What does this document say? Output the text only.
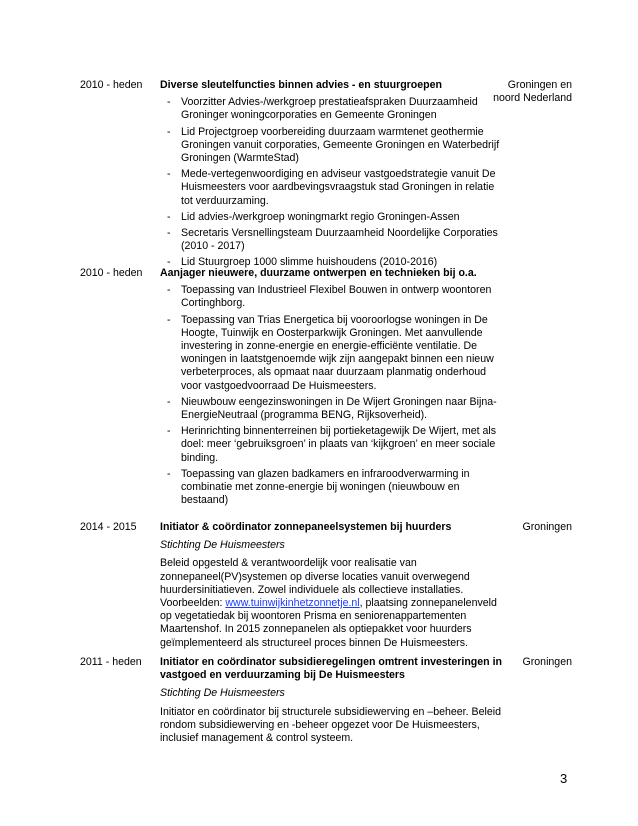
2010 - heden Diverse sleutelfuncties binnen advies - en stuurgroepen
- Voorzitter Advies-/werkgroep prestatieafspraken Duurzaamheid Groninger woningcorporaties en Gemeente Groningen
- Lid Projectgroep voorbereiding duurzaam warmtenet geothermie Groningen vanuit corporaties, Gemeente Groningen en Waterbedrijf Groningen (WarmteStad)
- Mede-vertegenwoordiging en adviseur vastgoedstrategie vanuit De Huismeesters voor aardbevingsvraagstuk stad Groningen in relatie tot verduurzaming.
- Lid advies-/werkgroep woningmarkt regio Groningen-Assen
- Secretaris Versnellingsteam Duurzaamheid Noordelijke Corporaties (2010 - 2017)
- Lid Stuurgroep 1000 slimme huishoudens (2010-2016)
Groningen en noord Nederland
2010 - heden Aanjager nieuwere, duurzame ontwerpen en technieken bij o.a.
- Toepassing van Industrieel Flexibel Bouwen in ontwerp woontoren Cortinghborg.
- Toepassing van Trias Energetica bij vooroorlogse woningen in De Hoogte, Tuinwijk en Oosterparkwijk Groningen. Met aanvullende investering in zonne-energie en energie-efficiënte ventilatie. De woningen in laatstgenoemde wijk zijn aangepakt binnen een nieuw verbeterproces, als opmaat naar duurzaam planmatig onderhoud voor vastgoedvoorraad De Huismeesters.
- Nieuwbouw eengezinswoningen in De Wijert Groningen naar Bijna-EnergieNeutraal (programma BENG, Rijksoverheid).
- Herinrichting binnenterreinen bij portieketagewijk De Wijert, met als doel: meer ‘gebruiksgroen’ in plaats van ‘kijkgroen’ en meer sociale binding.
- Toepassing van glazen badkamers en infraroodverwarming in combinatie met zonne-energie bij woningen (nieuwbouw en bestaand)
2014 - 2015 Initiator & coördinator zonnepaneelsystemen bij huurders
Stichting De Huismeesters
Beleid opgesteld & verantwoordelijk voor realisatie van zonnepaneel(PV)systemen op diverse locaties vanuit overwegend huurdersinitiatieven. Zowel individuele als collectieve installaties. Voorbeelden: www.tuinwijkinhetzonnetje.nl, plaatsing zonnepanelenveld op vegetatiedak bij woontoren Prisma en seniorenappartementen Maartenshof. In 2015 zonnepanelen als optiepakket voor huurders geïmplementeerd als structureel proces binnen De Huismeesters.
Groningen
2011 - heden Initiator en coördinator subsidieregelingen omtrent investeringen in vastgoed en verduurzaming bij De Huismeesters
Stichting De Huismeesters
Initiator en coördinator bij structurele subsidiewerving en –beheer. Beleid rondom subsidiewerving en -beheer opgezet voor De Huismeesters, inclusief management & control systeem.
Groningen
3
